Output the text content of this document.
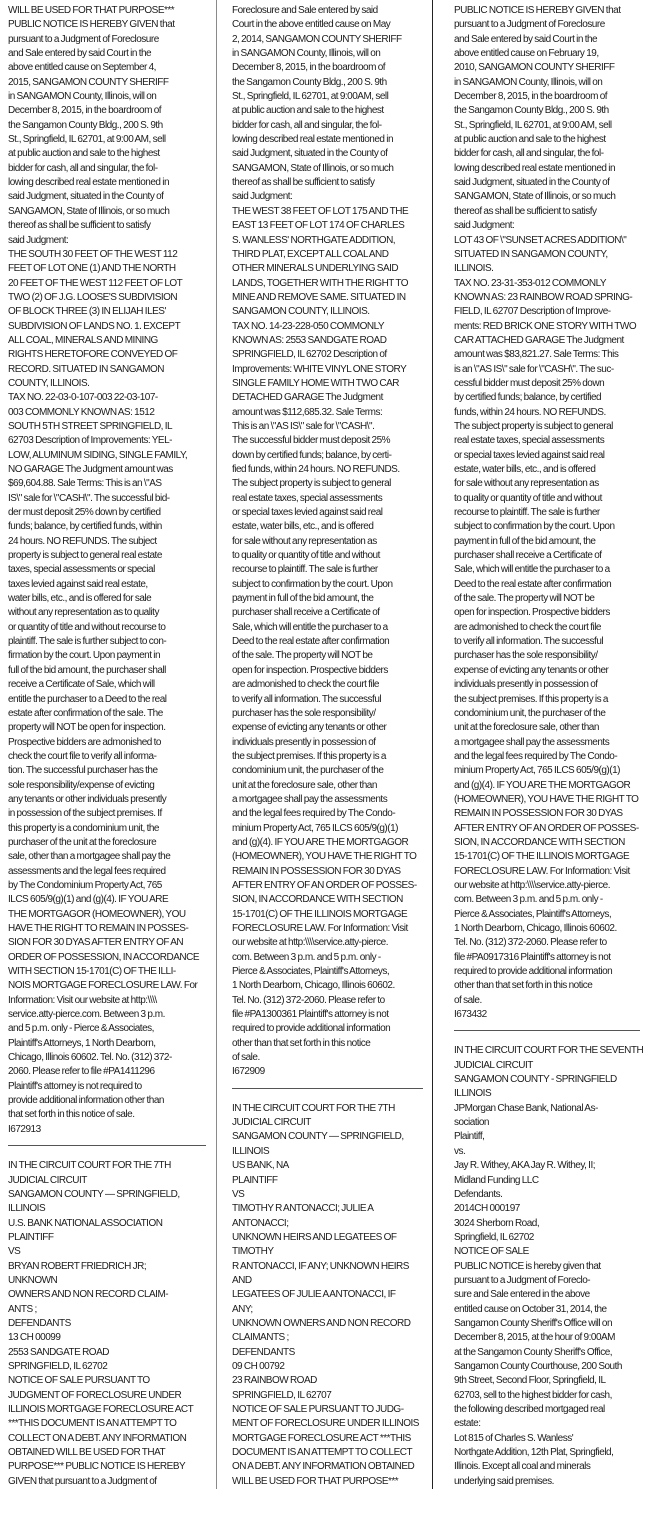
WILL BE USED FOR THAT PURPOSE***
PUBLIC NOTICE IS HEREBY GIVEN that
pursuant to a Judgment of Foreclosure
and Sale entered by said Court in the
above entitled cause on September 4,
2015, SANGAMON COUNTY SHERIFF
in SANGAMON County, Illinois, will on
December 8, 2015, in the boardroom of
the Sangamon County Bldg., 200 S. 9th
St., Springfield, IL 62701, at 9:00 AM, sell
at public auction and sale to the highest
bidder for cash, all and singular, the fol-
lowing described real estate mentioned in
said Judgment, situated in the County of
SANGAMON, State of Illinois, or so much
thereof as shall be sufficient to satisfy
said Judgment:
THE SOUTH 30 FEET OF THE WEST 112
FEET OF LOT ONE (1) AND THE NORTH
20 FEET OF THE WEST 112 FEET OF LOT
TWO (2) OF J.G. LOOSE'S SUBDIVISION
OF BLOCK THREE (3) IN ELIJAH ILES'
SUBDIVISION OF LANDS NO. 1. EXCEPT
ALL COAL, MINERALS AND MINING
RIGHTS HERETOFORE CONVEYED OF
RECORD. SITUATED IN SANGAMON
COUNTY, ILLINOIS.
TAX NO. 22-03-0-107-003 22-03-107-
003 COMMONLY KNOWN AS: 1512
SOUTH 5TH STREET SPRINGFIELD, IL
62703 Description of Improvements: YEL-
LOW, ALUMINUM SIDING, SINGLE FAMILY,
NO GARAGE The Judgment amount was
$69,604.88. Sale Terms: This is an \"AS
IS\" sale for \"CASH\". The successful bid-
der must deposit 25% down by certified
funds; balance, by certified funds, within
24 hours. NO REFUNDS. The subject
property is subject to general real estate
taxes, special assessments or special
taxes levied against said real estate,
water bills, etc., and is offered for sale
without any representation as to quality
or quantity of title and without recourse to
plaintiff. The sale is further subject to con-
firmation by the court. Upon payment in
full of the bid amount, the purchaser shall
receive a Certificate of Sale, which will
entitle the purchaser to a Deed to the real
estate after confirmation of the sale. The
property will NOT be open for inspection.
Prospective bidders are admonished to
check the court file to verify all informa-
tion. The successful purchaser has the
sole responsibility/expense of evicting
any tenants or other individuals presently
in possession of the subject premises. If
this property is a condominium unit, the
purchaser of the unit at the foreclosure
sale, other than a mortgagee shall pay the
assessments and the legal fees required
by The Condominium Property Act, 765
ILCS 605/9(g)(1) and (g)(4). IF YOU ARE
THE MORTGAGOR (HOMEOWNER), YOU
HAVE THE RIGHT TO REMAIN IN POSSES-
SION FOR 30 DYAS AFTER ENTRY OF AN
ORDER OF POSSESSION, IN ACCORDANCE
WITH SECTION 15-1701(C) OF THE ILLI-
NOIS MORTGAGE FORECLOSURE LAW. For
Information: Visit our website at http:\\\\
service.atty-pierce.com. Between 3 p.m.
and 5 p.m. only - Pierce & Associates,
Plaintiff's Attorneys, 1 North Dearborn,
Chicago, Illinois 60602. Tel. No. (312) 372-
2060. Please refer to file #PA1411296
Plaintiff's attorney is not required to
provide additional information other than
that set forth in this notice of sale.
I672913
IN THE CIRCUIT COURT FOR THE 7TH
JUDICIAL CIRCUIT
SANGAMON COUNTY — SPRINGFIELD,
ILLINOIS
U.S. BANK NATIONAL ASSOCIATION
PLAINTIFF
VS
BRYAN ROBERT FRIEDRICH JR;
UNKNOWN
OWNERS AND NON RECORD CLAIM-
ANTS ;
DEFENDANTS
13 CH 00099
2553 SANDGATE ROAD
SPRINGFIELD, IL 62702
NOTICE OF SALE PURSUANT TO
JUDGMENT OF FORECLOSURE UNDER
ILLINOIS MORTGAGE FORECLOSURE ACT
***THIS DOCUMENT IS AN ATTEMPT TO
COLLECT ON A DEBT. ANY INFORMATION
OBTAINED WILL BE USED FOR THAT
PURPOSE*** PUBLIC NOTICE IS HEREBY
GIVEN that pursuant to a Judgment of
Foreclosure and Sale entered by said
Court in the above entitled cause on May
2, 2014, SANGAMON COUNTY SHERIFF
in SANGAMON County, Illinois, will on
December 8, 2015, in the boardroom of
the Sangamon County Bldg., 200 S. 9th
St., Springfield, IL 62701, at 9:00AM, sell
at public auction and sale to the highest
bidder for cash, all and singular, the fol-
lowing described real estate mentioned in
said Judgment, situated in the County of
SANGAMON, State of Illinois, or so much
thereof as shall be sufficient to satisfy
said Judgment:
THE WEST 38 FEET OF LOT 175 AND THE
EAST 13 FEET OF LOT 174 OF CHARLES
S. WANLESS' NORTHGATE ADDITION,
THIRD PLAT, EXCEPT ALL COAL AND
OTHER MINERALS UNDERLYING SAID
LANDS, TOGETHER WITH THE RIGHT TO
MINE AND REMOVE SAME. SITUATED IN
SANGAMON COUNTY, ILLINOIS.
TAX NO. 14-23-228-050 COMMONLY
KNOWN AS: 2553 SANDGATE ROAD
SPRINGFIELD, IL 62702 Description of
Improvements: WHITE VINYL ONE STORY
SINGLE FAMILY HOME WITH TWO CAR
DETACHED GARAGE The Judgment
amount was $112,685.32. Sale Terms:
This is an \"AS IS\" sale for \"CASH\".
The successful bidder must deposit 25%
down by certified funds; balance, by certi-
fied funds, within 24 hours. NO REFUNDS.
The subject property is subject to general
real estate taxes, special assessments
or special taxes levied against said real
estate, water bills, etc., and is offered
for sale without any representation as
to quality or quantity of title and without
recourse to plaintiff. The sale is further
subject to confirmation by the court. Upon
payment in full of the bid amount, the
purchaser shall receive a Certificate of
Sale, which will entitle the purchaser to a
Deed to the real estate after confirmation
of the sale. The property will NOT be
open for inspection. Prospective bidders
are admonished to check the court file
to verify all information. The successful
purchaser has the sole responsibility/
expense of evicting any tenants or other
individuals presently in possession of
the subject premises. If this property is a
condominium unit, the purchaser of the
unit at the foreclosure sale, other than
a mortgagee shall pay the assessments
and the legal fees required by The Condo-
minium Property Act, 765 ILCS 605/9(g)(1)
and (g)(4). IF YOU ARE THE MORTGAGOR
(HOMEOWNER), YOU HAVE THE RIGHT TO
REMAIN IN POSSESSION FOR 30 DYAS
AFTER ENTRY OF AN ORDER OF POSSES-
SION, IN ACCORDANCE WITH SECTION
15-1701(C) OF THE ILLINOIS MORTGAGE
FORECLOSURE LAW. For Information: Visit
our website at http:\\\\service.atty-pierce.
com. Between 3 p.m. and 5 p.m. only -
Pierce & Associates, Plaintiff's Attorneys,
1 North Dearborn, Chicago, Illinois 60602.
Tel. No. (312) 372-2060. Please refer to
file #PA1300361 Plaintiff's attorney is not
required to provide additional information
other than that set forth in this notice
of sale.
I672909
IN THE CIRCUIT COURT FOR THE 7TH
JUDICIAL CIRCUIT
SANGAMON COUNTY — SPRINGFIELD,
ILLINOIS
US BANK, NA
PLAINTIFF
VS
TIMOTHY R ANTONACCI; JULIE A
ANTONACCI;
UNKNOWN HEIRS AND LEGATEES OF
TIMOTHY
R ANTONACCI, IF ANY; UNKNOWN HEIRS
AND
LEGATEES OF JULIE A ANTONACCI, IF
ANY;
UNKNOWN OWNERS AND NON RECORD
CLAIMANTS ;
DEFENDANTS
09 CH 00792
23 RAINBOW ROAD
SPRINGFIELD, IL 62707
NOTICE OF SALE PURSUANT TO JUDG-
MENT OF FORECLOSURE UNDER ILLINOIS
MORTGAGE FORECLOSURE ACT ***THIS
DOCUMENT IS AN ATTEMPT TO COLLECT
ON A DEBT. ANY INFORMATION OBTAINED
WILL BE USED FOR THAT PURPOSE***
PUBLIC NOTICE IS HEREBY GIVEN that
pursuant to a Judgment of Foreclosure
and Sale entered by said Court in the
above entitled cause on February 19,
2010, SANGAMON COUNTY SHERIFF
in SANGAMON County, Illinois, will on
December 8, 2015, in the boardroom of
the Sangamon County Bldg., 200 S. 9th
St., Springfield, IL 62701, at 9:00 AM, sell
at public auction and sale to the highest
bidder for cash, all and singular, the fol-
lowing described real estate mentioned in
said Judgment, situated in the County of
SANGAMON, State of Illinois, or so much
thereof as shall be sufficient to satisfy
said Judgment:
LOT 43 OF \"SUNSET ACRES ADDITION\"
SITUATED IN SANGAMON COUNTY,
ILLINOIS.
TAX NO. 23-31-353-012 COMMONLY
KNOWN AS: 23 RAINBOW ROAD SPRING-
FIELD, IL 62707 Description of Improve-
ments: RED BRICK ONE STORY WITH TWO
CAR ATTACHED GARAGE The Judgment
amount was $83,821.27. Sale Terms: This
is an \"AS IS\" sale for \"CASH\". The suc-
cessful bidder must deposit 25% down
by certified funds; balance, by certified
funds, within 24 hours. NO REFUNDS.
The subject property is subject to general
real estate taxes, special assessments
or special taxes levied against said real
estate, water bills, etc., and is offered
for sale without any representation as
to quality or quantity of title and without
recourse to plaintiff. The sale is further
subject to confirmation by the court. Upon
payment in full of the bid amount, the
purchaser shall receive a Certificate of
Sale, which will entitle the purchaser to a
Deed to the real estate after confirmation
of the sale. The property will NOT be
open for inspection. Prospective bidders
are admonished to check the court file
to verify all information. The successful
purchaser has the sole responsibility/
expense of evicting any tenants or other
individuals presently in possession of
the subject premises. If this property is a
condominium unit, the purchaser of the
unit at the foreclosure sale, other than
a mortgagee shall pay the assessments
and the legal fees required by The Condo-
minium Property Act, 765 ILCS 605/9(g)(1)
and (g)(4). IF YOU ARE THE MORTGAGOR
(HOMEOWNER), YOU HAVE THE RIGHT TO
REMAIN IN POSSESSION FOR 30 DYAS
AFTER ENTRY OF AN ORDER OF POSSES-
SION, IN ACCORDANCE WITH SECTION
15-1701(C) OF THE ILLINOIS MORTGAGE
FORECLOSURE LAW. For Information: Visit
our website at http:\\\\service.atty-pierce.
com. Between 3 p.m. and 5 p.m. only -
Pierce & Associates, Plaintiff's Attorneys,
1 North Dearborn, Chicago, Illinois 60602.
Tel. No. (312) 372-2060. Please refer to
file #PA0917316 Plaintiff's attorney is not
required to provide additional information
other than that set forth in this notice
of sale.
I673432
IN THE CIRCUIT COURT FOR THE SEVENTH
JUDICIAL CIRCUIT
SANGAMON COUNTY - SPRINGFIELD
ILLINOIS
JPMorgan Chase Bank, National As-
sociation
Plaintiff,
vs.
Jay R. Withey, AKA Jay R. Withey, II;
Midland Funding LLC
Defendants.
2014CH 000197
3024 Sherborn Road,
Springfield, IL 62702
NOTICE OF SALE
PUBLIC NOTICE is hereby given that
pursuant to a Judgment of Foreclo-
sure and Sale entered in the above
entitled cause on October 31, 2014, the
Sangamon County Sheriff's Office will on
December 8, 2015, at the hour of 9:00AM
at the Sangamon County Sheriff's Office,
Sangamon County Courthouse, 200 South
9th Street, Second Floor, Springfield, IL
62703, sell to the highest bidder for cash,
the following described mortgaged real
estate:
Lot 815 of Charles S. Wanless'
Northgate Addition, 12th Plat, Springfield,
Illinois. Except all coal and minerals
underlying said premises.
